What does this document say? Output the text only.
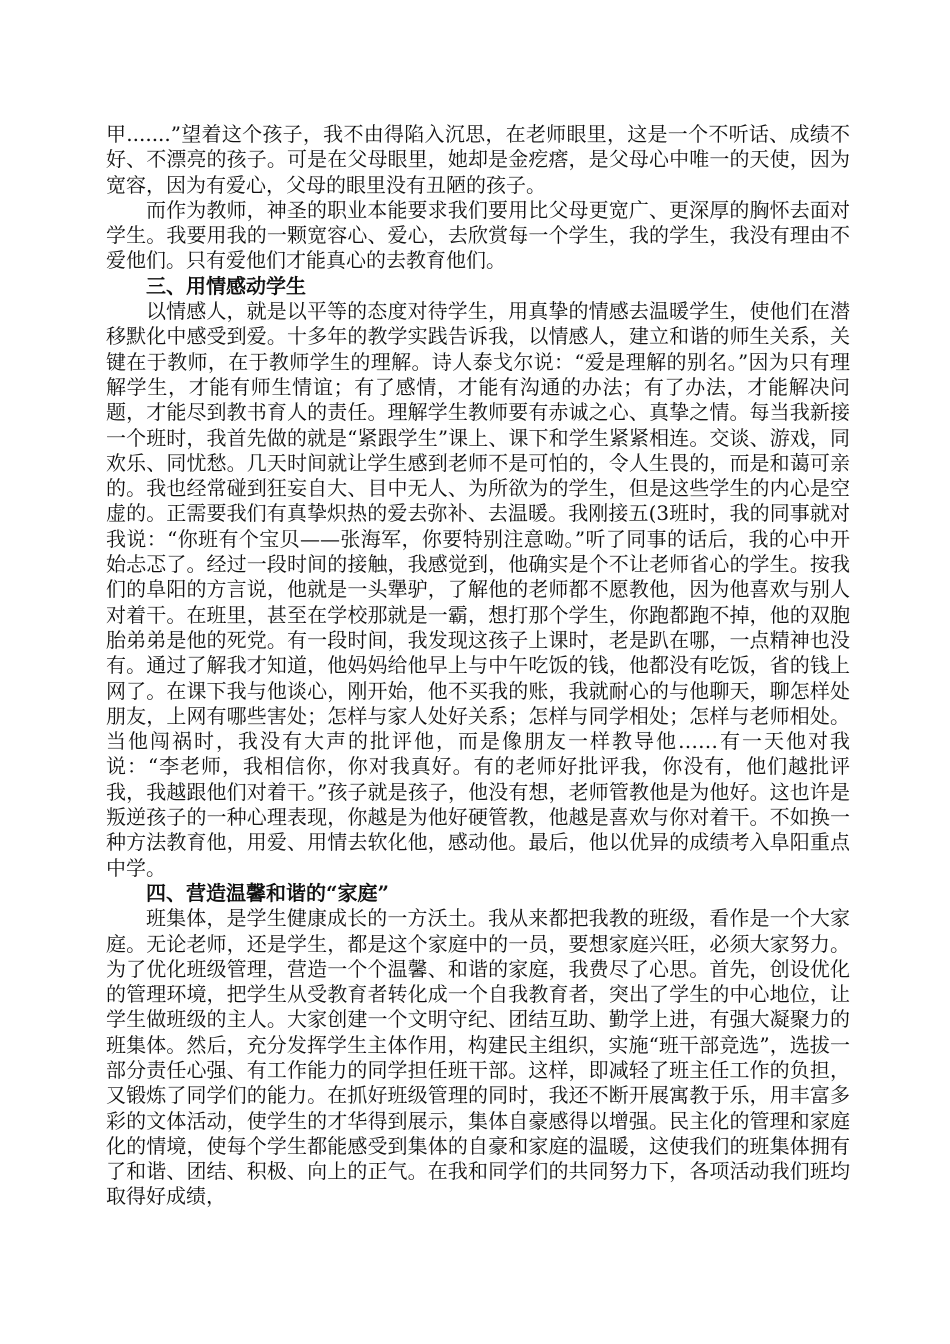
甲.......”望着这个孩子，我不由得陷入沉思，在老师眼里，这是一个不听话、成绩不好、不漂亮的孩子。可是在父母眼里，她却是金疙瘩，是父母心中唯一的天使，因为宽容，因为有爱心，父母的眼里没有丑陋的孩子。

而作为教师，神圣的职业本能要求我们要用比父母更宽广、更深厚的胸怀去面对学生。我要用我的一颗宽容心、爱心，去欣赏每一个学生，我的学生，我没有理由不爱他们。只有爱他们才能真心的去教育他们。

三、用情感动学生

以情感人，就是以平等的态度对待学生，用真挚的情感去温暖学生，使他们在潜移默化中感受到爱。十多年的教学实践告诉我，以情感人，建立和谐的师生关系，关键在于教师，在于教师学生的理解。诗人泰戈尔说：“爱是理解的别名。”因为只有理解学生，才能有师生情谊；有了感情，才能有沟通的办法；有了办法，才能解决问题，才能尽到教书育人的责任。理解学生教师要有赤诚之心、真挚之情。每当我新接一个班时，我首先做的就是“紧跟学生”课上、课下和学生紧紧相连。交谈、游戏，同欢乐、同忧愁。几天时间就让学生感到老师不是可怕的，令人生畏的，而是和蔼可亲的。我也经常碰到狂妄自大、目中无人、为所欲为的学生，但是这些学生的内心是空虚的。正需要我们有真挚炽热的爱去弥补、去温暖。我刚接五(3班时，我的同事就对我说：“你班有个宝贝——张海军，你要特别注意呦。”听了同事的话后，我的心中开始忐忑了。经过一段时间的接触，我感觉到，他确实是个不让老师省心的学生。按我们的阜阳的方言说，他就是一头犟驴，了解他的老师都不愿教他，因为他喜欢与别人对着干。在班里，甚至在学校那就是一霸，想打那个学生，你跑都跑不掉，他的双胞胎弟弟是他的死党。有一段时间，我发现这孩子上课时，老是趴在哪，一点精神也没有。通过了解我才知道，他妈妈给他早上与中午吃饭的钱，他都没有吃饭，省的钱上网了。在课下我与他谈心，刚开始，他不买我的账，我就耐心的与他聊天，聊怎样处朋友，上网有哪些害处；怎样与家人处好关系；怎样与同学相处；怎样与老师相处。当他闯祸时，我没有大声的批评他，而是像朋友一样教导他……有一天他对我说：“李老师，我相信你，你对我真好。有的老师好批评我，你没有，他们越批评我，我越跟他们对着干。”孩子就是孩子，他没有想，老师管教他是为他好。这也许是叛逆孩子的一种心理表现，你越是为他好硬管教，他越是喜欢与你对着干。不如换一种方法教育他，用爱、用情去软化他，感动他。最后，他以优异的成绩考入阜阳重点中学。

四、营造温馨和谐的“家庭”

班集体，是学生健康成长的一方沃土。我从来都把我教的班级，看作是一个大家庭。无论老师，还是学生，都是这个家庭中的一员，要想家庭兴旺，必须大家努力。为了优化班级管理，营造一个个温馨、和谐的家庭，我费尽了心思。首先，创设优化的管理环境，把学生从受教育者转化成一个自我教育者，突出了学生的中心地位，让学生做班级的主人。大家创建一个文明守纪、团结互助、勤学上进，有强大凝聚力的班集体。然后，充分发挥学生主体作用，构建民主组织，实施“班干部竞选”，选拔一部分责任心强、有工作能力的同学担任班干部。这样，即减轻了班主任工作的负担，又锻炼了同学们的能力。在抓好班级管理的同时，我还不断开展寓教于乐，用丰富多彩的文体活动，使学生的才华得到展示，集体自豪感得以增强。民主化的管理和家庭化的情境，使每个学生都能感受到集体的自豪和家庭的温暖，这使我们的班集体拥有了和谐、团结、积极、向上的正气。在我和同学们的共同努力下，各项活动我们班均取得好成绩，
